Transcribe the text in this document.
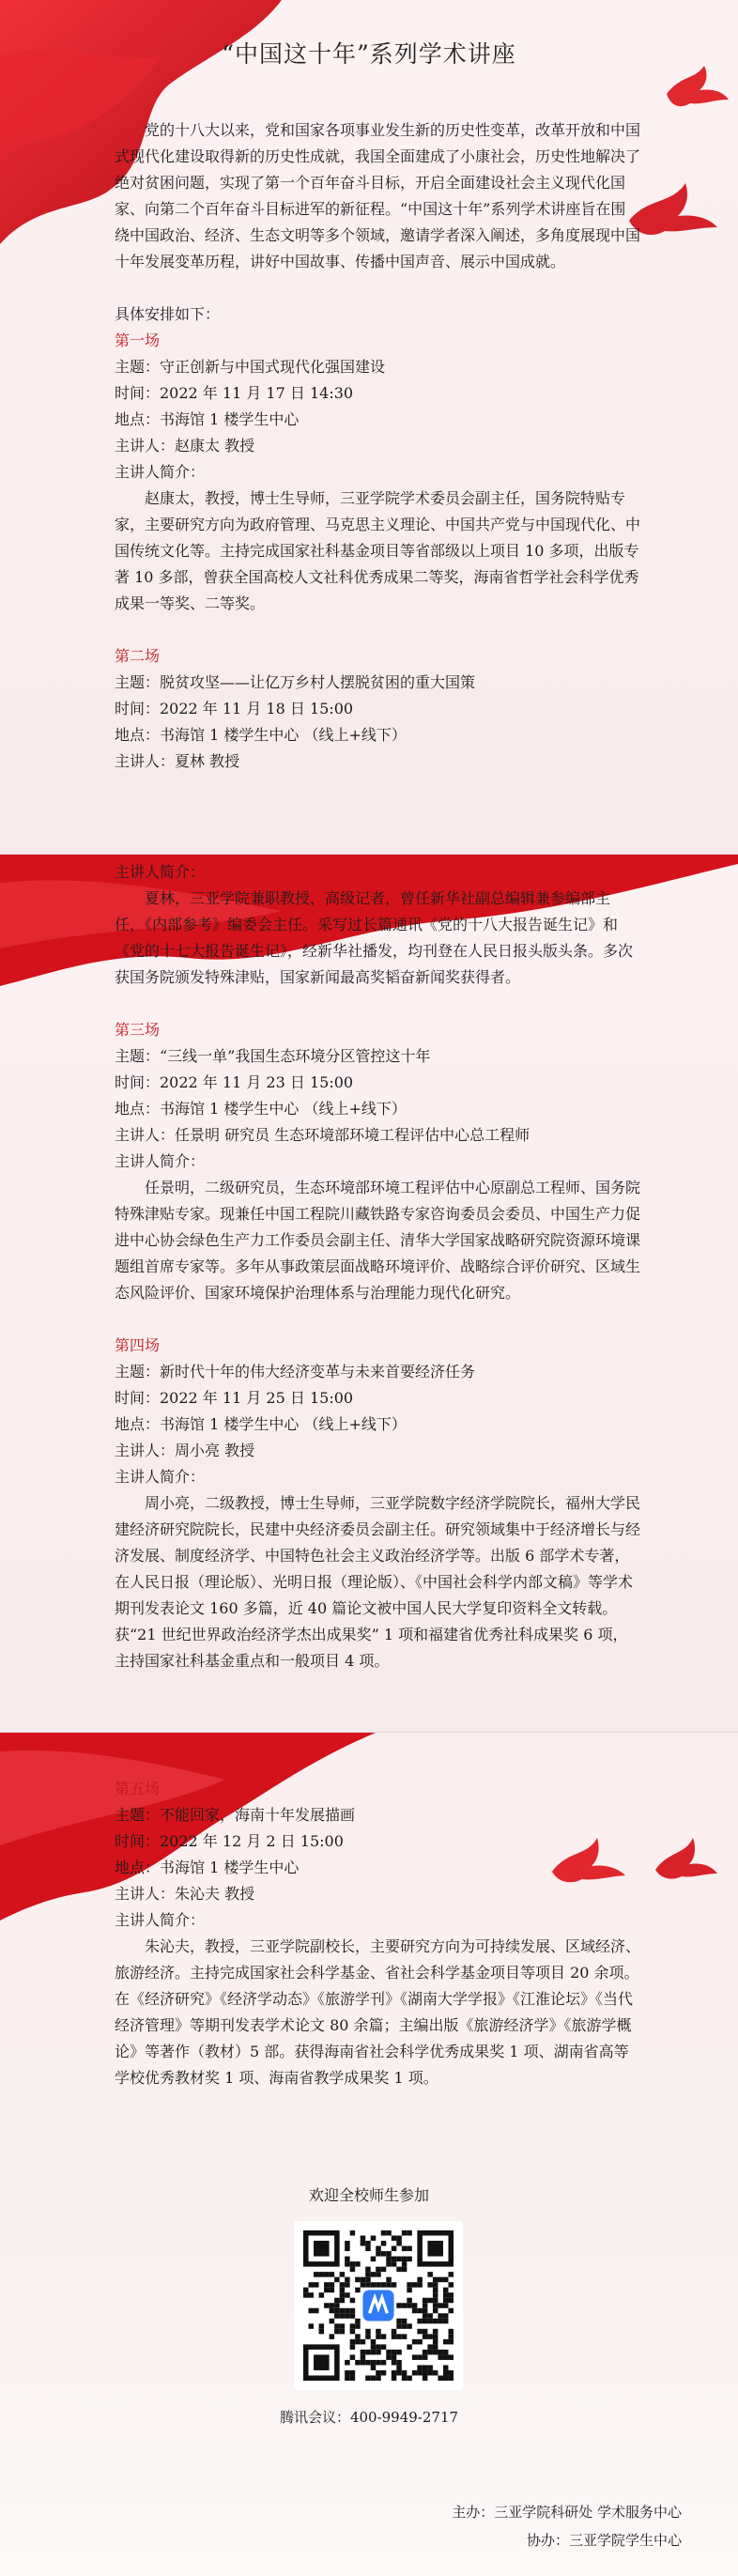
“中国这十年”系列学术讲座

党的十八大以来，党和国家各项事业发生新的历史性变革，改革开放和中国式现代化建设取得新的历史性成就，我国全面建成了小康社会，历史性地解决了绝对贫困问题，实现了第一个百年奋斗目标，开启全面建设社会主义现代化国家、向第二个百年奋斗目标进军的新征程。“中国这十年”系列学术讲座旨在围绕中国政治、经济、生态文明等多个领域，邀请学者深入阐述，多角度展现中国十年发展变革历程，讲好中国故事、传播中国声音、展示中国成就。

具体安排如下：

第一场

主题：守正创新与中国式现代化强国建设

时间：2022 年 11 月 17 日 14:30

地点：书海馆 1 楼学生中心

主讲人：赵康太 教授

主讲人简介：

赵康太，教授，博士生导师，三亚学院学术委员会副主任，国务院特贴专家，主要研究方向为政府管理、马克思主义理论、中国共产党与中国现代化、中国传统文化等。主持完成国家社科基金项目等省部级以上项目 10 多项，出版专著 10 多部，曾获全国高校人文社科优秀成果二等奖，海南省哲学社会科学优秀成果一等奖、二等奖。

第二场

主题：脱贫攻坚——让亿万乡村人摆脱贫困的重大国策

时间：2022 年 11 月 18 日 15:00

地点：书海馆 1 楼学生中心 （线上+线下）

主讲人：夏林 教授

主讲人简介：

夏林，三亚学院兼职教授，高级记者，曾任新华社副总编辑兼参编部主任，《内部参考》编委会主任。采写过长篇通讯《党的十八大报告诞生记》和《党的十七大报告诞生记》，经新华社播发，均刊登在人民日报头版头条。多次获国务院颁发特殊津贴，国家新闻最高奖韬奋新闻奖获得者。

第三场

主题：“三线一单”我国生态环境分区管控这十年

时间：2022 年 11 月 23 日 15:00

地点：书海馆 1 楼学生中心 （线上+线下）

主讲人：任景明 研究员 生态环境部环境工程评估中心总工程师

主讲人简介：

任景明，二级研究员，生态环境部环境工程评估中心原副总工程师、国务院特殊津贴专家。现兼任中国工程院川藏铁路专家咨询委员会委员、中国生产力促进中心协会绿色生产力工作委员会副主任、清华大学国家战略研究院资源环境课题组首席专家等。多年从事政策层面战略环境评价、战略综合评价研究、区域生态风险评价、国家环境保护治理体系与治理能力现代化研究。

第四场

主题：新时代十年的伟大经济变革与未来首要经济任务

时间：2022 年 11 月 25 日 15:00

地点：书海馆 1 楼学生中心 （线上+线下）

主讲人：周小亮 教授

主讲人简介：

周小亮，二级教授，博士生导师，三亚学院数字经济学院院长，福州大学民建经济研究院院长，民建中央经济委员会副主任。研究领域集中于经济增长与经济发展、制度经济学、中国特色社会主义政治经济学等。出版 6 部学术专著，在人民日报（理论版）、光明日报（理论版）、《中国社会科学内部文稿》等学术期刊发表论文 160 多篇，近 40 篇论文被中国人民大学复印资料全文转载。获“21 世纪世界政治经济学杰出成果奖” 1 项和福建省优秀社科成果奖 6 项，主持国家社科基金重点和一般项目 4 项。

第五场

主题：不能回家，海南十年发展描画

时间：2022 年 12 月 2 日 15:00

地点：书海馆 1 楼学生中心

主讲人：朱沁夫 教授

主讲人简介：

朱沁夫，教授，三亚学院副校长，主要研究方向为可持续发展、区域经济、旅游经济。主持完成国家社会科学基金、省社会科学基金项目等项目 20 余项。在《经济研究》《经济学动态》《旅游学刊》《湖南大学学报》《江淮论坛》《当代经济管理》等期刊发表学术论文 80 余篇；主编出版《旅游经济学》《旅游学概论》等著作（教材）5 部。获得海南省社会科学优秀成果奖 1 项、湖南省高等学校优秀教材奖 1 项、海南省教学成果奖 1 项。

欢迎全校师生参加
腾讯会议：400-9949-2717

主办：三亚学院科研处 学术服务中心

协办：三亚学院学生中心
